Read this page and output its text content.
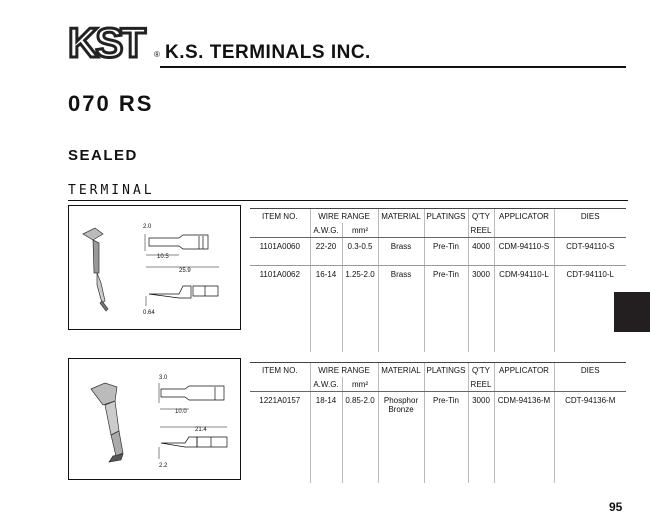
KST	® K.S. TERMINALS INC.
070 RS
SEALED
TERMINAL
2.0
10.5
25.9
0.64
ITEM NO.	WIRE RANGE		MATERIAL	PLATINGS	Q'TY	APPLICATOR	DIES
	A.W.G.	mm²			REEL		
1101A0060	22-20	0.3-0.5	Brass	Pre-Tin	4000	CDM-94110-S	CDT-94110-S
1101A0062	16-14	1.25-2.0	Brass	Pre-Tin	3000	CDM-94110-L	CDT-94110-L

3.0
10.0
21.4
2.2
ITEM NO.	WIRE RANGE		MATERIAL	PLATINGS	Q'TY	APPLICATOR	DIES
	A.W.G.	mm²			REEL		
1221A0157	18-14	0.85-2.0	Phosphor Bronze	Pre-Tin	3000	CDM-94136-M	CDT-94136-M

95
